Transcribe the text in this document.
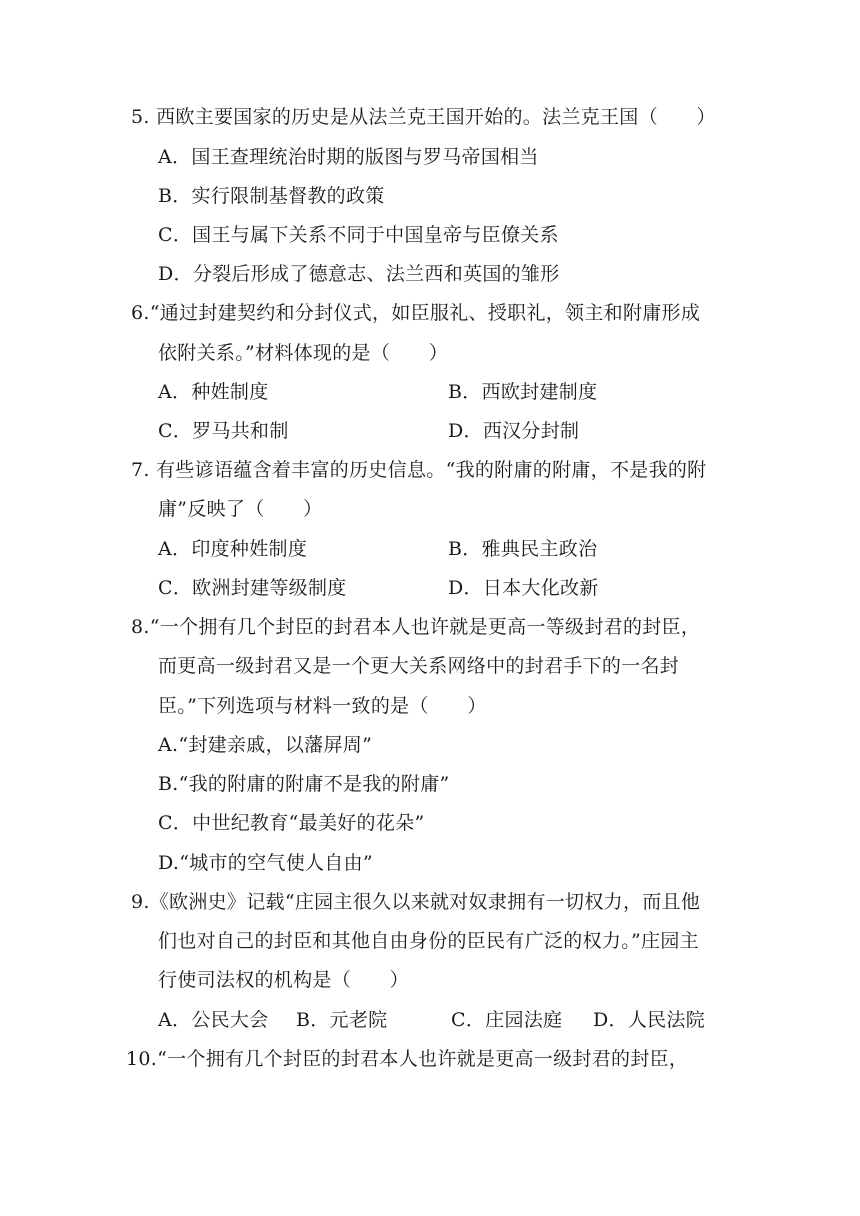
5. 西欧主要国家的历史是从法兰克王国开始的。法兰克王国（　　）
A．国王查理统治时期的版图与罗马帝国相当
B．实行限制基督教的政策
C．国王与属下关系不同于中国皇帝与臣僚关系
D．分裂后形成了德意志、法兰西和英国的雏形
6.“通过封建契约和分封仪式，如臣服礼、授职礼，领主和附庸形成
依附关系。”材料体现的是（　　）
A．种姓制度	B．西欧封建制度
C．罗马共和制	D．西汉分封制
7. 有些谚语蕴含着丰富的历史信息。“我的附庸的附庸，不是我的附
庸”反映了（　　）
A．印度种姓制度	B．雅典民主政治
C．欧洲封建等级制度	D．日本大化改新
8.“一个拥有几个封臣的封君本人也许就是更高一等级封君的封臣，
而更高一级封君又是一个更大关系网络中的封君手下的一名封
臣。”下列选项与材料一致的是（　　）
A.“封建亲戚，以藩屏周”
B.“我的附庸的附庸不是我的附庸”
C．中世纪教育“最美好的花朵”
D.“城市的空气使人自由”
9.《欧洲史》记载“庄园主很久以来就对奴隶拥有一切权力，而且他
们也对自己的封臣和其他自由身份的臣民有广泛的权力。”庄园主
行使司法权的机构是（　　）
A．公民大会 B．元老院	C．庄园法庭 D．人民法院
10.“一个拥有几个封臣的封君本人也许就是更高一级封君的封臣，
